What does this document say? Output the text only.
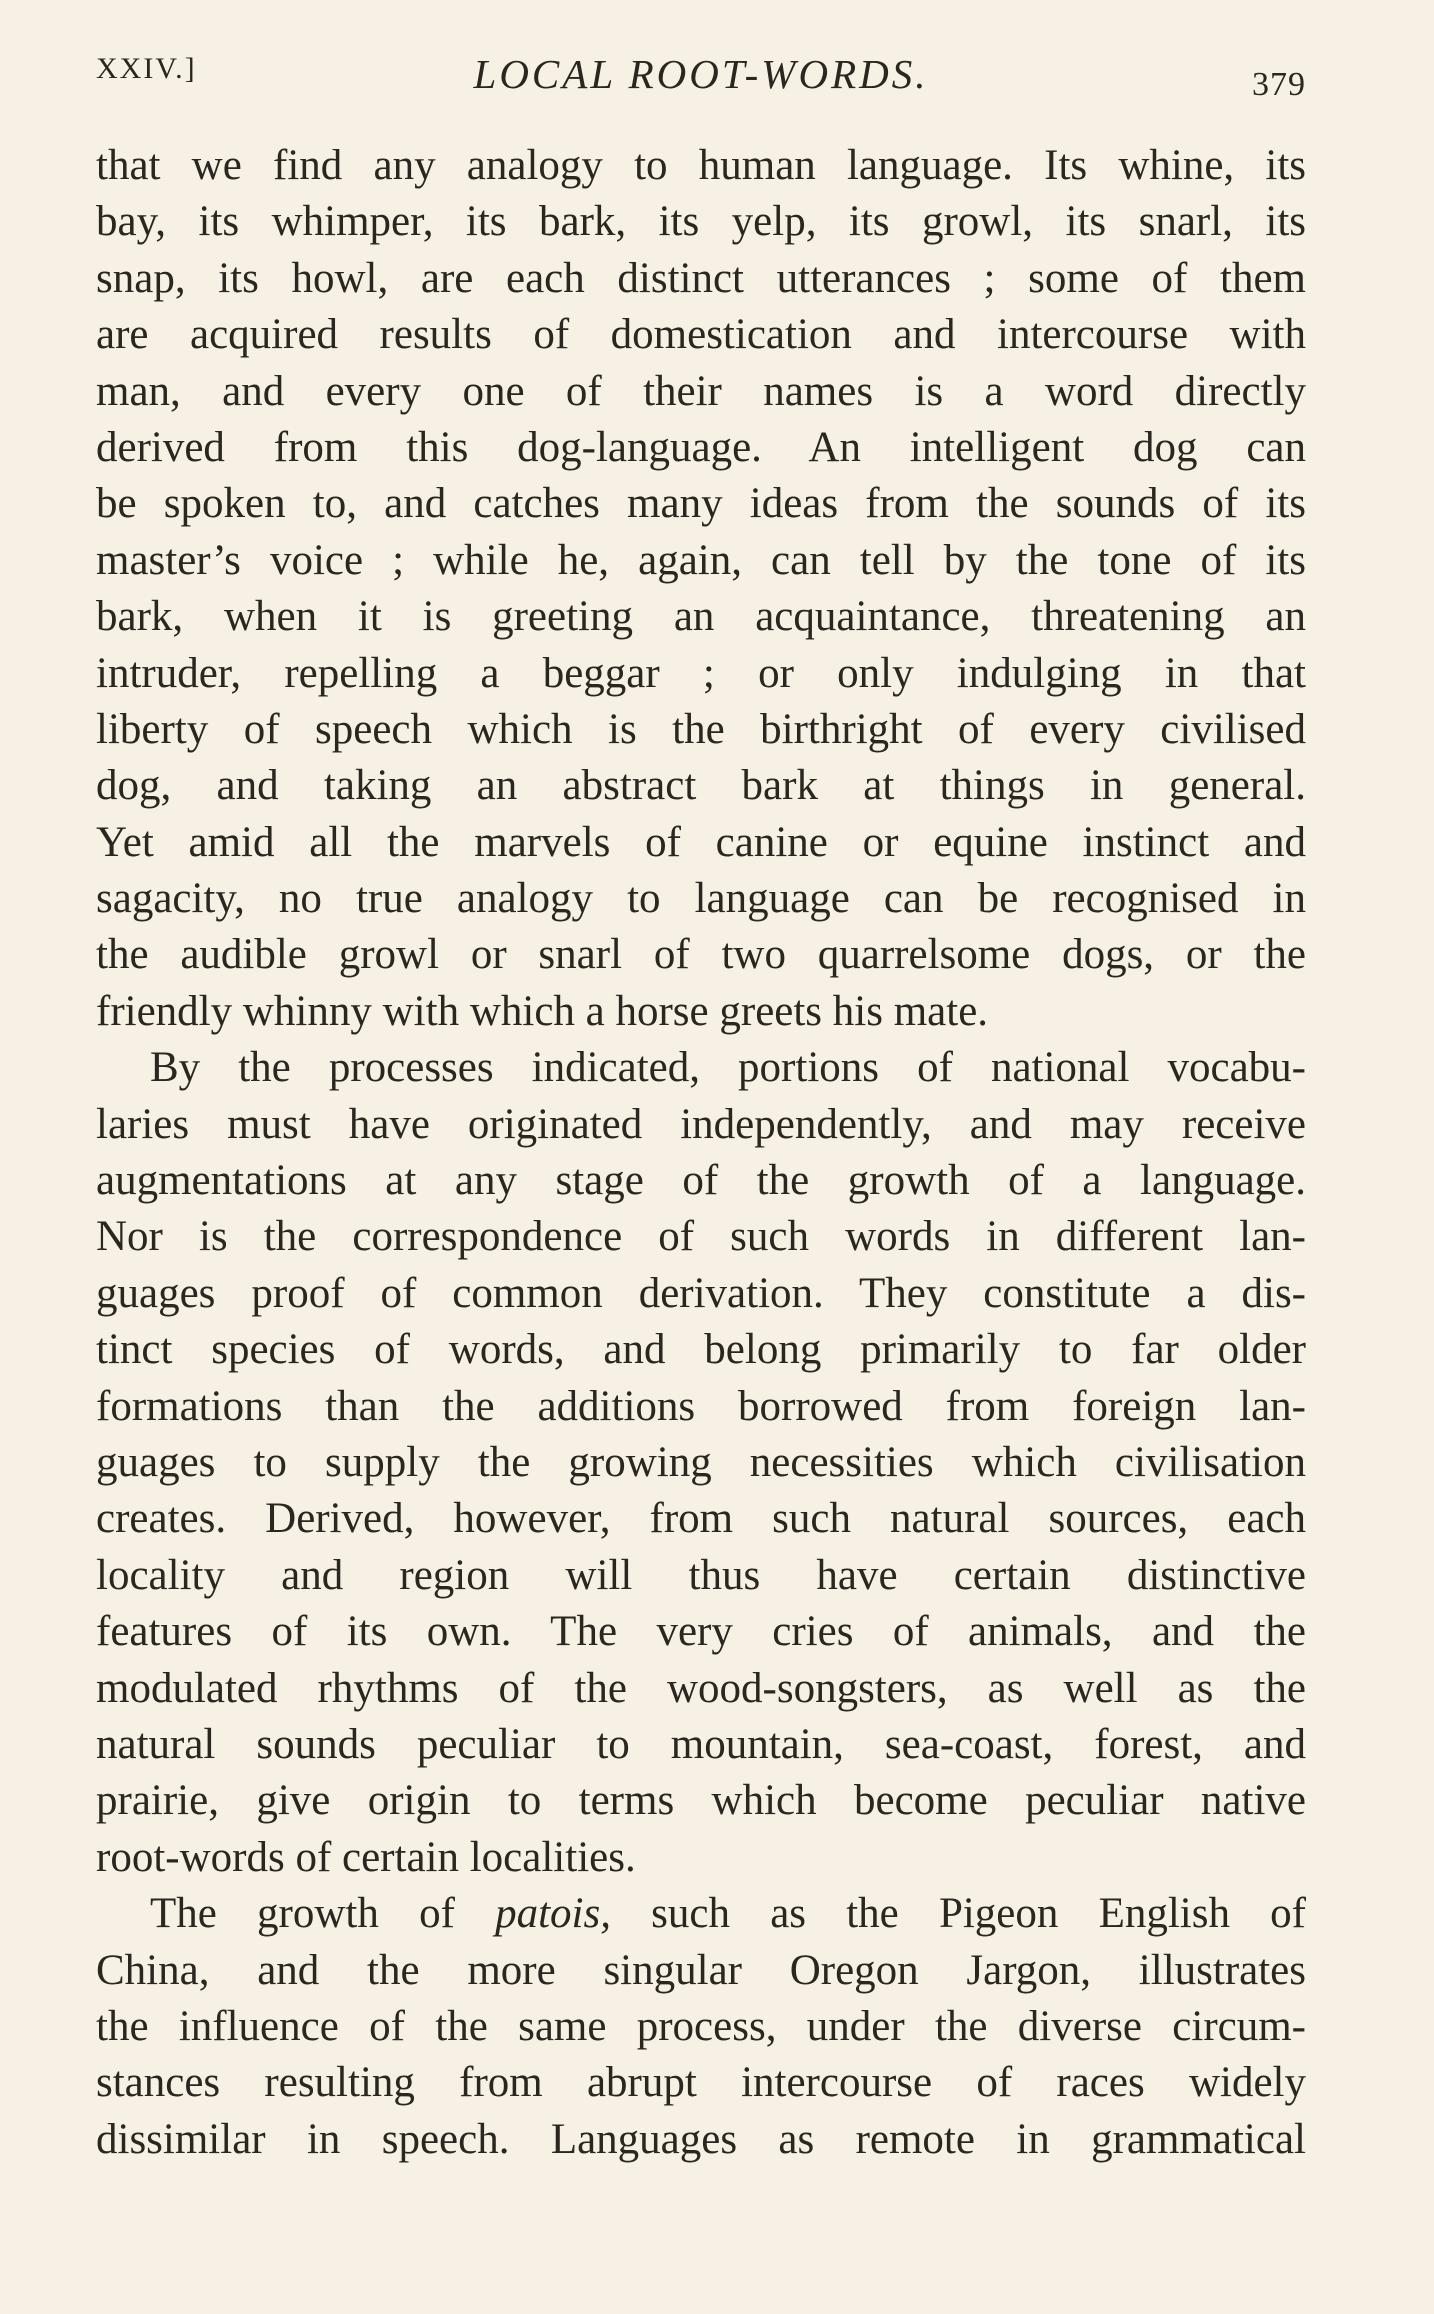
XXIV.]	LOCAL ROOT-WORDS.	379
that we find any analogy to human language. Its whine, its
bay, its whimper, its bark, its yelp, its growl, its snarl, its
snap, its howl, are each distinct utterances ; some of them
are acquired results of domestication and intercourse with
man, and every one of their names is a word directly
derived from this dog-language. An intelligent dog can
be spoken to, and catches many ideas from the sounds of its
master’s voice ; while he, again, can tell by the tone of its
bark, when it is greeting an acquaintance, threatening an
intruder, repelling a beggar ; or only indulging in that
liberty of speech which is the birthright of every civilised
dog, and taking an abstract bark at things in general.
Yet amid all the marvels of canine or equine instinct and
sagacity, no true analogy to language can be recognised in
the audible growl or snarl of two quarrelsome dogs, or the
friendly whinny with which a horse greets his mate.
By the processes indicated, portions of national vocabu-
laries must have originated independently, and may receive
augmentations at any stage of the growth of a language.
Nor is the correspondence of such words in different lan-
guages proof of common derivation. They constitute a dis-
tinct species of words, and belong primarily to far older
formations than the additions borrowed from foreign lan-
guages to supply the growing necessities which civilisation
creates. Derived, however, from such natural sources, each
locality and region will thus have certain distinctive
features of its own. The very cries of animals, and the
modulated rhythms of the wood-songsters, as well as the
natural sounds peculiar to mountain, sea-coast, forest, and
prairie, give origin to terms which become peculiar native
root-words of certain localities.
The growth of patois, such as the Pigeon English of
China, and the more singular Oregon Jargon, illustrates
the influence of the same process, under the diverse circum-
stances resulting from abrupt intercourse of races widely
dissimilar in speech. Languages as remote in grammatical
